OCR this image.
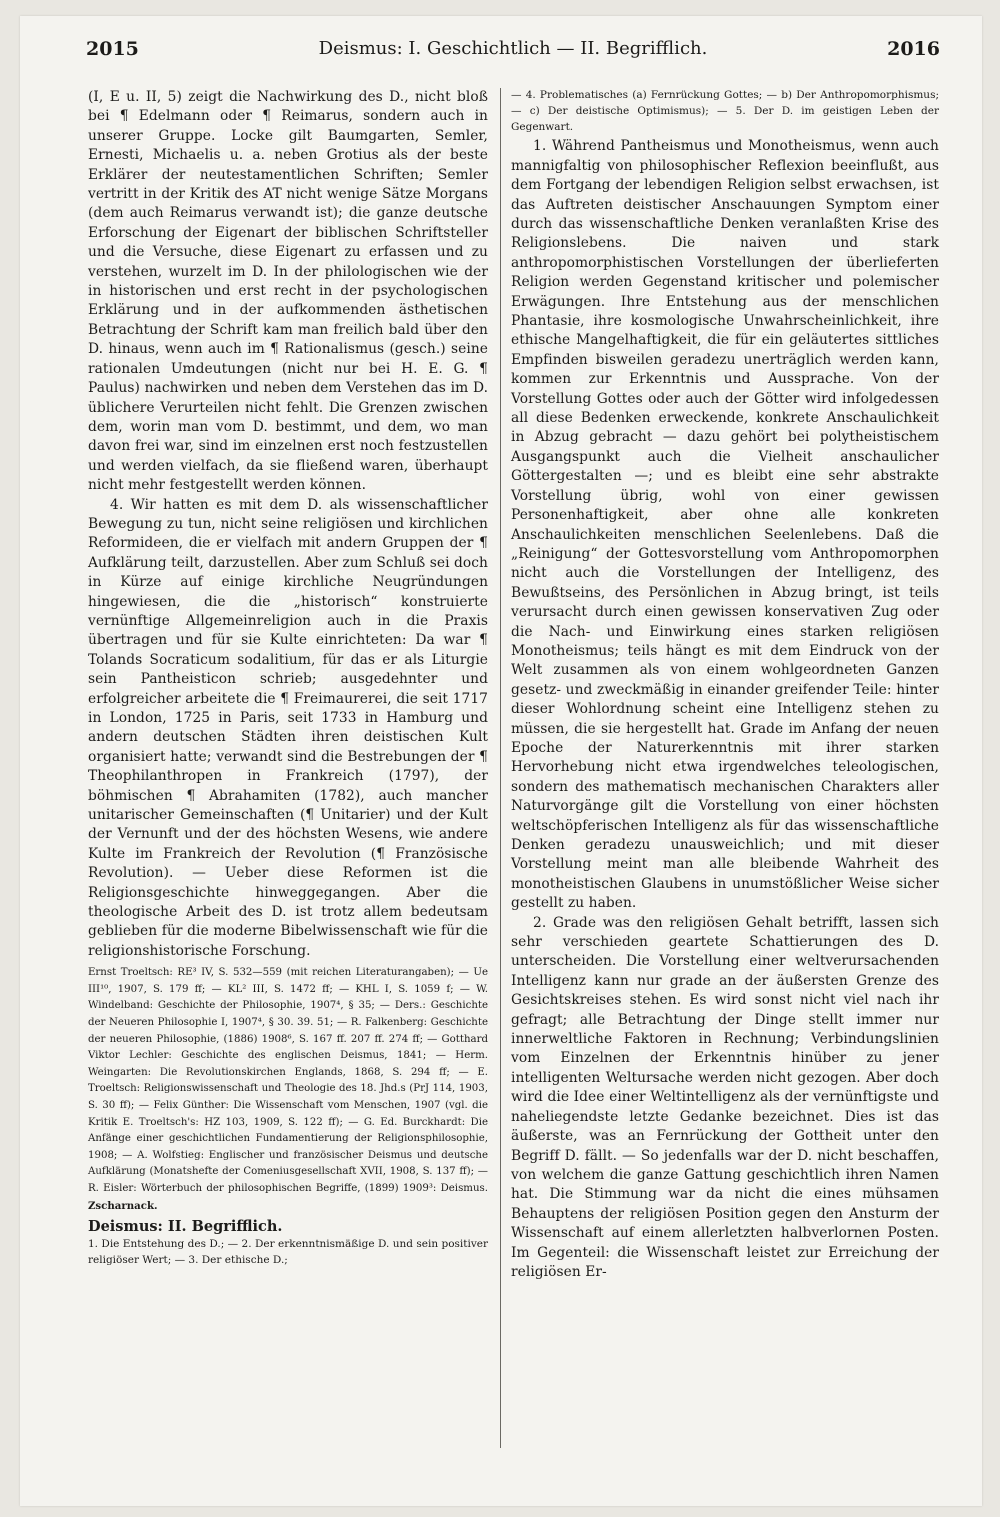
2015	Deismus: I. Geschichtlich — II. Begrifflich.	2016

(I, E u. II, 5) zeigt die Nachwirkung des D., nicht bloß bei ¶ Edelmann oder ¶ Reimarus, sondern auch in unserer Gruppe. Locke gilt Baumgarten, Semler, Ernesti, Michaelis u. a. neben Grotius als der beste Erklärer der neutestamentlichen Schriften; Semler vertritt in der Kritik des AT nicht wenige Sätze Morgans (dem auch Reimarus verwandt ist); die ganze deutsche Erforschung der Eigenart der biblischen Schriftsteller und die Versuche, diese Eigenart zu erfassen und zu verstehen, wurzelt im D. In der philologischen wie der in historischen und erst recht in der psychologischen Erklärung und in der aufkommenden ästhetischen Betrachtung der Schrift kam man freilich bald über den D. hinaus, wenn auch im ¶ Rationalismus (gesch.) seine rationalen Umdeutungen (nicht nur bei H. E. G. ¶ Paulus) nachwirken und neben dem Verstehen das im D. üblichere Verurteilen nicht fehlt. Die Grenzen zwischen dem, worin man vom D. bestimmt, und dem, wo man davon frei war, sind im einzelnen erst noch festzustellen und werden vielfach, da sie fließend waren, überhaupt nicht mehr festgestellt werden können.

4. Wir hatten es mit dem D. als wissenschaftlicher Bewegung zu tun, nicht seine religiösen und kirchlichen Reformideen, die er vielfach mit andern Gruppen der ¶ Aufklärung teilt, darzustellen. Aber zum Schluß sei doch in Kürze auf einige kirchliche Neugründungen hingewiesen, die die „historisch“ konstruierte vernünftige Allgemeinreligion auch in die Praxis übertragen und für sie Kulte einrichteten: Da war ¶ Tolands Socraticum sodalitium, für das er als Liturgie sein Pantheisticon schrieb; ausgedehnter und erfolgreicher arbeitete die ¶ Freimaurerei, die seit 1717 in London, 1725 in Paris, seit 1733 in Hamburg und andern deutschen Städten ihren deistischen Kult organisiert hatte; verwandt sind die Bestrebungen der ¶ Theophilanthropen in Frankreich (1797), der böhmischen ¶ Abrahamiten (1782), auch mancher unitarischer Gemeinschaften (¶ Unitarier) und der Kult der Vernunft und der des höchsten Wesens, wie andere Kulte im Frankreich der Revolution (¶ Französische Revolution). — Ueber diese Reformen ist die Religionsgeschichte hinweggegangen. Aber die theologische Arbeit des D. ist trotz allem bedeutsam geblieben für die moderne Bibelwissenschaft wie für die religionshistorische Forschung.

Ernst Troeltsch: RE³ IV, S. 532—559 (mit reichen Literaturangaben); — Ue III¹⁰, 1907, S. 179 ff; — KL² III, S. 1472 ff; — KHL I, S. 1059 f; — W. Windelband: Geschichte der Philosophie, 1907⁴, § 35; — Ders.: Geschichte der Neueren Philosophie I, 1907⁴, § 30. 39. 51; — R. Falkenberg: Geschichte der neueren Philosophie, (1886) 1908⁶, S. 167 ff. 207 ff. 274 ff; — Gotthard Viktor Lechler: Geschichte des englischen Deismus, 1841; — Herm. Weingarten: Die Revolutionskirchen Englands, 1868, S. 294 ff; — E. Troeltsch: Religionswissenschaft und Theologie des 18. Jhd.s (PrJ 114, 1903, S. 30 ff); — Felix Günther: Die Wissenschaft vom Menschen, 1907 (vgl. die Kritik E. Troeltsch's: HZ 103, 1909, S. 122 ff); — G. Ed. Burckhardt: Die Anfänge einer geschichtlichen Fundamentierung der Religionsphilosophie, 1908; — A. Wolfstieg: Englischer und französischer Deismus und deutsche Aufklärung (Monatshefte der Comeniusgesellschaft XVII, 1908, S. 137 ff); — R. Eisler: Wörterbuch der philosophischen Begriffe, (1899) 1909³: Deismus. Zscharnack.

Deismus: II. Begrifflich.

1. Die Entstehung des D.; — 2. Der erkenntnismäßige D. und sein positiver religiöser Wert; — 3. Der ethische D.;

— 4. Problematisches (a) Fernrückung Gottes; — b) Der Anthropomorphismus; — c) Der deistische Optimismus); — 5. Der D. im geistigen Leben der Gegenwart.

1. Während Pantheismus und Monotheismus, wenn auch mannigfaltig von philosophischer Reflexion beeinflußt, aus dem Fortgang der lebendigen Religion selbst erwachsen, ist das Auftreten deistischer Anschauungen Symptom einer durch das wissenschaftliche Denken veranlaßten Krise des Religionslebens. Die naiven und stark anthropomorphistischen Vorstellungen der überlieferten Religion werden Gegenstand kritischer und polemischer Erwägungen. Ihre Entstehung aus der menschlichen Phantasie, ihre kosmologische Unwahrscheinlichkeit, ihre ethische Mangelhaftigkeit, die für ein geläutertes sittliches Empfinden bisweilen geradezu unerträglich werden kann, kommen zur Erkenntnis und Aussprache. Von der Vorstellung Gottes oder auch der Götter wird infolgedessen all diese Bedenken erweckende, konkrete Anschaulichkeit in Abzug gebracht — dazu gehört bei polytheistischem Ausgangspunkt auch die Vielheit anschaulicher Göttergestalten —; und es bleibt eine sehr abstrakte Vorstellung übrig, wohl von einer gewissen Personenhaftigkeit, aber ohne alle konkreten Anschaulichkeiten menschlichen Seelenlebens. Daß die „Reinigung“ der Gottesvorstellung vom Anthropomorphen nicht auch die Vorstellungen der Intelligenz, des Bewußtseins, des Persönlichen in Abzug bringt, ist teils verursacht durch einen gewissen konservativen Zug oder die Nach- und Einwirkung eines starken religiösen Monotheismus; teils hängt es mit dem Eindruck von der Welt zusammen als von einem wohlgeordneten Ganzen gesetz- und zweckmäßig in einander greifender Teile: hinter dieser Wohlordnung scheint eine Intelligenz stehen zu müssen, die sie hergestellt hat. Grade im Anfang der neuen Epoche der Naturerkenntnis mit ihrer starken Hervorhebung nicht etwa irgendwelches teleologischen, sondern des mathematisch mechanischen Charakters aller Naturvorgänge gilt die Vorstellung von einer höchsten weltschöpferischen Intelligenz als für das wissenschaftliche Denken geradezu unausweichlich; und mit dieser Vorstellung meint man alle bleibende Wahrheit des monotheistischen Glaubens in unumstößlicher Weise sicher gestellt zu haben.

2. Grade was den religiösen Gehalt betrifft, lassen sich sehr verschieden geartete Schattierungen des D. unterscheiden. Die Vorstellung einer weltverursachenden Intelligenz kann nur grade an der äußersten Grenze des Gesichtskreises stehen. Es wird sonst nicht viel nach ihr gefragt; alle Betrachtung der Dinge stellt immer nur innerweltliche Faktoren in Rechnung; Verbindungslinien vom Einzelnen der Erkenntnis hinüber zu jener intelligenten Weltursache werden nicht gezogen. Aber doch wird die Idee einer Weltintelligenz als der vernünftigste und naheliegendste letzte Gedanke bezeichnet. Dies ist das äußerste, was an Fernrückung der Gottheit unter den Begriff D. fällt. — So jedenfalls war der D. nicht beschaffen, von welchem die ganze Gattung geschichtlich ihren Namen hat. Die Stimmung war da nicht die eines mühsamen Behauptens der religiösen Position gegen den Ansturm der Wissenschaft auf einem allerletzten halbverlornen Posten. Im Gegenteil: die Wissenschaft leistet zur Erreichung der religiösen Er-
